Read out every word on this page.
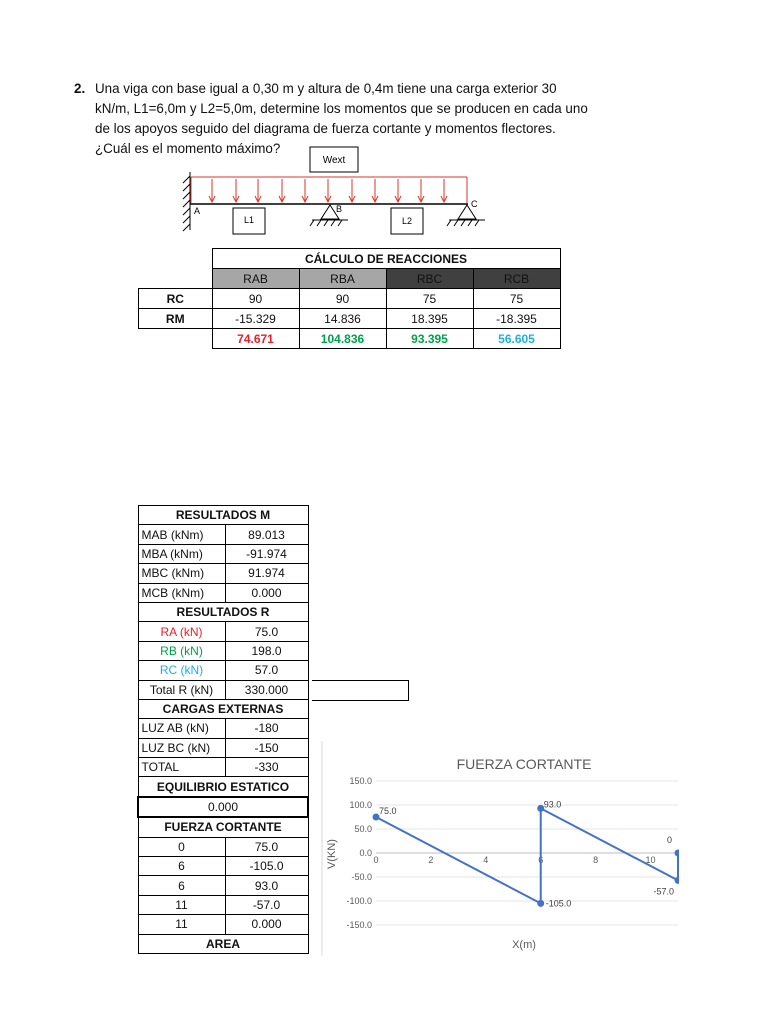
2. Una viga con base igual a 0,30 m y altura de 0,4m tiene una carga exterior 30 kN/m, L1=6,0m y L2=5,0m, determine los momentos que se producen en cada uno de los apoyos seguido del diagrama de fuerza cortante y momentos flectores. ¿Cuál es el momento máximo?
Wext
A	B	C
L1	L2
	CÁLCULO DE REACCIONES			
	RAB	RBA	RBC	RCB
RC	90	90	75	75
RM	-15.329	14.836	18.395	-18.395
	74.671	104.836	93.395	56.605
RESULTADOS M	
MAB (kNm)	89.013
MBA (kNm)	-91.974
MBC (kNm)	91.974
MCB (kNm)	0.000
RESULTADOS R	
RA (kN)	75.0
RB (kN)	198.0
RC (kN)	57.0
Total R (kN)	330.000
CARGAS EXTERNAS	
LUZ AB (kN)	-180
LUZ BC (kN)	-150
TOTAL	-330
EQUILIBRIO ESTATICO	
0.000	
FUERZA CORTANTE	
0	75.0
6	-105.0
6	93.0
11	-57.0
11	0.000
AREA	
FUERZA CORTANTE
150.0
100.0
50.0
0.0
-50.0
-100.0
-150.0
0	2	4	6	8	10
75.0
-105.0
93.0
-57.0
0
X(m)
V(KN)
